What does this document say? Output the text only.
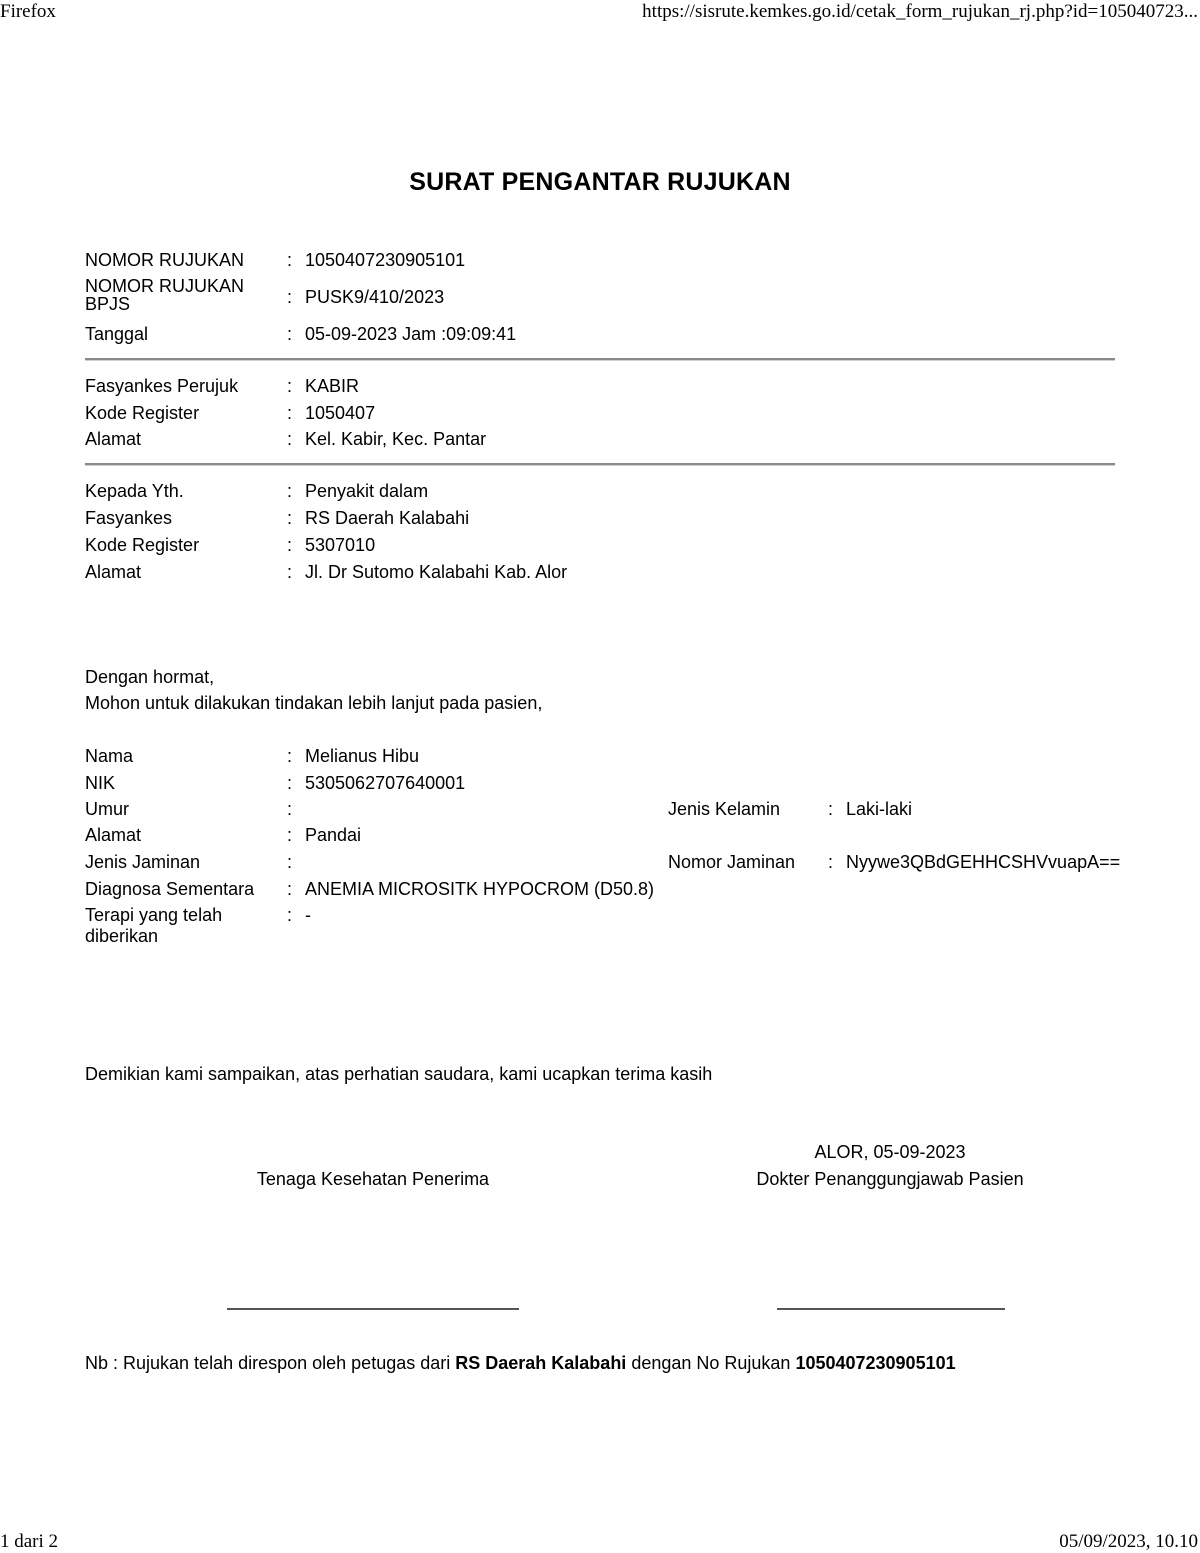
Firefox	https://sisrute.kemkes.go.id/cetak_form_rujukan_rj.php?id=105040723...
1 dari 2	05/09/2023, 10.10
SURAT PENGANTAR RUJUKAN
NOMOR RUJUKAN	: 1050407230905101
NOMOR RUJUKAN
BPJS	: PUSK9/410/2023
Tanggal	: 05-09-2023 Jam :09:09:41
Fasyankes Perujuk	: KABIR
Kode Register	: 1050407
Alamat	: Kel. Kabir, Kec. Pantar
Kepada Yth.	: Penyakit dalam
Fasyankes	: RS Daerah Kalabahi
Kode Register	: 5307010
Alamat	: Jl. Dr Sutomo Kalabahi Kab. Alor
Dengan hormat,
Mohon untuk dilakukan tindakan lebih lanjut pada pasien,
Nama	: Melianus Hibu
NIK	: 5305062707640001
Umur	:	Jenis Kelamin	: Laki-laki
Alamat	: Pandai
Jenis Jaminan	:	Nomor Jaminan : Nyywe3QBdGEHHCSHVvuapA==
Diagnosa Sementara	: ANEMIA MICROSITK HYPOCROM (D50.8)
Terapi yang telah
diberikan
: -
Demikian kami sampaikan, atas perhatian saudara, kami ucapkan terima kasih
ALOR, 05-09-2023
Tenaga Kesehatan Penerima	Dokter Penanggungjawab Pasien
Nb : Rujukan telah direspon oleh petugas dari RS Daerah Kalabahi dengan No Rujukan 1050407230905101
